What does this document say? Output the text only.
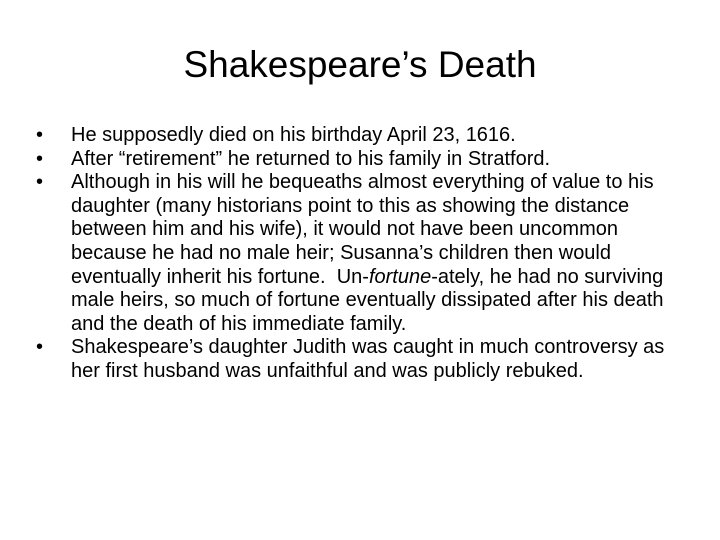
Shakespeare’s Death
• He supposedly died on his birthday April 23, 1616.
• After “retirement” he returned to his family in Stratford.
• Although in his will he bequeaths almost everything of value to his daughter (many historians point to this as showing the distance between him and his wife), it would not have been uncommon because he had no male heir; Susanna’s children then would eventually inherit his fortune. Un-fortune-ately, he had no surviving male heirs, so much of fortune eventually dissipated after his death and the death of his immediate family.
• Shakespeare’s daughter Judith was caught in much controversy as her first husband was unfaithful and was publicly rebuked.
